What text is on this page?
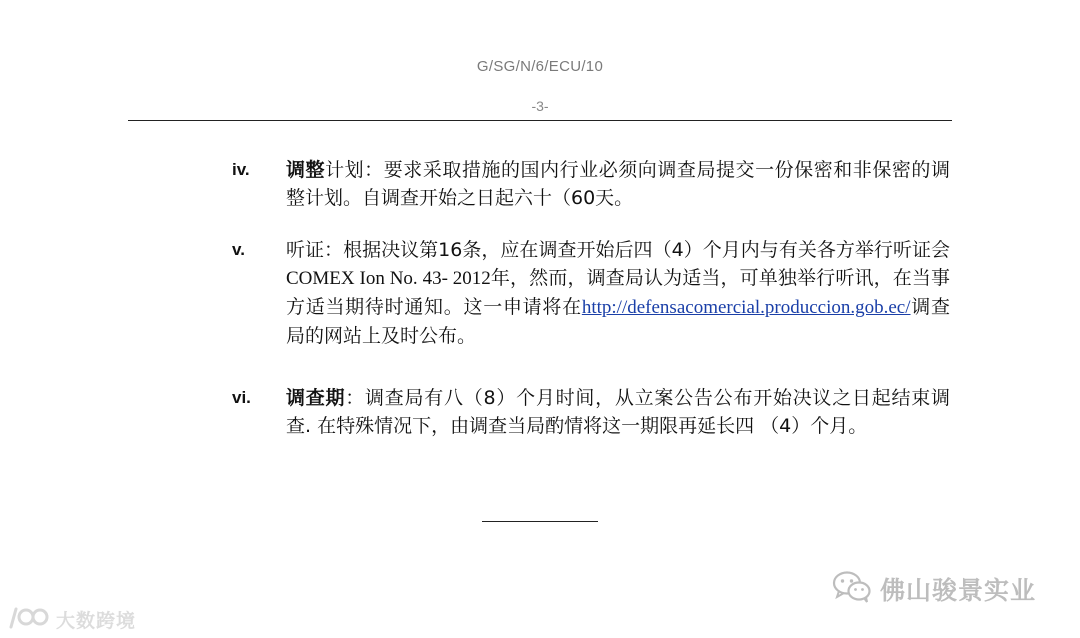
G/SG/N/6/ECU/10
-3-
iv. 调整计划：要求采取措施的国内行业必须向调查局提交一份保密和非保密的调整计划。自调查开始之日起六十（60天。
v. 听证：根据决议第16条，应在调查开始后四（4）个月内与有关各方举行听证会 COMEX Ion No. 43- 2012年，然而，调查局认为适当，可单独举行听讯，在当事方适当期待时通知。这一申请将在http://defensacomercial.produccion.gob.ec/调查局的网站上及时公布。
vi. 调查期：调查局有八（8）个月时间，从立案公告公布开始决议之日起结束调查. 在特殊情况下，由调查当局酌情将这一期限再延长四 （4）个月。
佛山骏景实业
大数跨境
